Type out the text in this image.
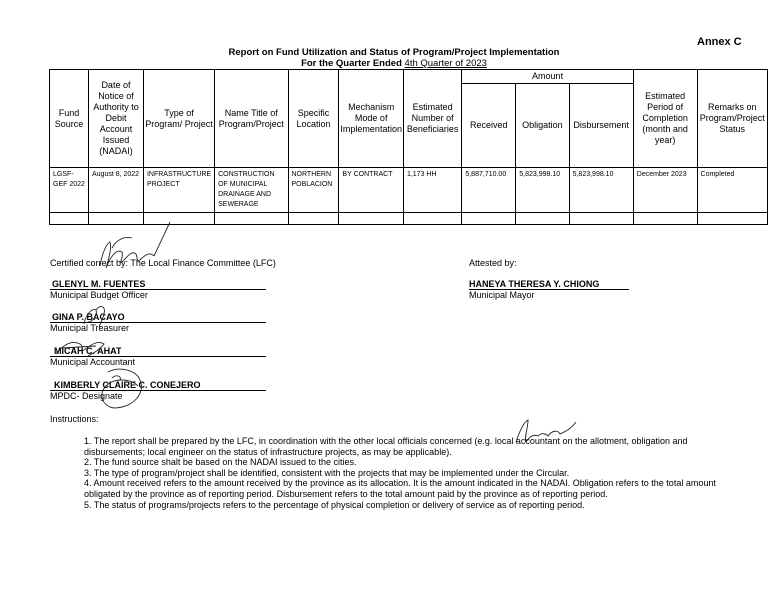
Annex C
Report on Fund Utilization and Status of Program/Project Implementation
For the Quarter Ended 4th Quarter of 2023
Fund Source	Date of Notice of Authority to Debit Account Issued (NADAI)	Type of Program/ Project	Name Title of Program/Project	Specific Location	Mechanism Mode of Implementation	Estimated Number of Beneficiaries	Amount			Estimated Period of Completion (month and year)	Remarks on Program/Project Status
							Received	Obligation	Disbursement		
LGSF-GEF 2022	August 8, 2022	INFRASTRUCTURE PROJECT	CONSTRUCTION OF MUNICIPAL DRAINAGE AND SEWERAGE	NORTHERN POBLACION	BY CONTRACT	1,173 HH	5,887,710.00	5,823,998.10	5,823,998.10	December 2023	Completed

Certified correct by: The Local Finance Committee (LFC)	Attested by:
GLENYL M. FUENTES
Municipal Budget Officer
GINA P. BACAYO
Municipal Treasurer
MICAH C. AHAT
Municipal Accountant
KIMBERLY CLAIRE C. CONEJERO
MPDC- Designate
HANEYA THERESA Y. CHIONG
Municipal Mayor
Instructions:

1. The report shall be prepared by the LFC, in coordination with the other local officials concerned (e.g. local accountant on the allotment, obligation and disbursements; local engineer on the status of infrastructure projects, as may be applicable).

2. The fund source shalt be based on the NADAI issued to the cities.

3. The type of program/project shall be identified, consistent with the projects that may be implemented under the Circular.

4. Amount received refers to the amount received by the province as its allocation. It is the amount indicated in the NADAI. Obligation refers to the total amount obligated by the province as of reporting period. Disbursement refers to the total amount paid by the province as of reporting period.

5. The status of programs/projects refers to the percentage of physical completion or delivery of service as of reporting period.
